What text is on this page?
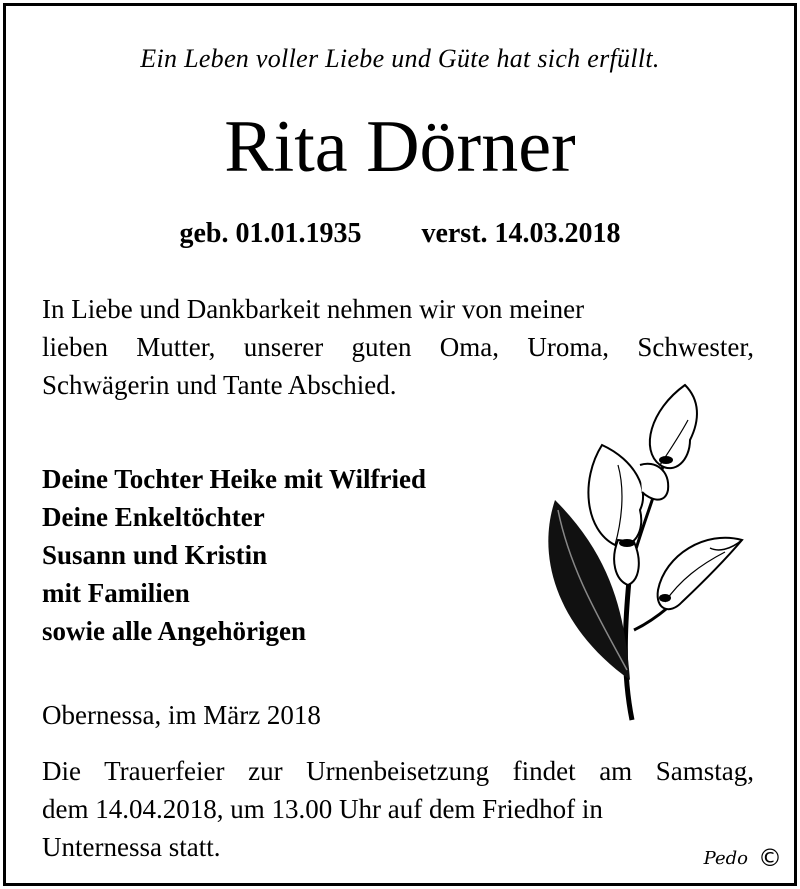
Ein Leben voller Liebe und Güte hat sich erfüllt.
Rita Dörner
geb. 01.01.1935 verst. 14.03.2018
In Liebe und Dankbarkeit nehmen wir von meiner
lieben Mutter, unserer guten Oma, Uroma, Schwester,
Schwägerin und Tante Abschied.
Deine Tochter Heike mit Wilfried
Deine Enkeltöchter
Susann und Kristin
mit Familien
sowie alle Angehörigen
Obernessa, im März 2018
Die Trauerfeier zur Urnenbeisetzung findet am Samstag,
dem 14.04.2018, um 13.00 Uhr auf dem Friedhof in
Unternessa statt.	Pedo ©
